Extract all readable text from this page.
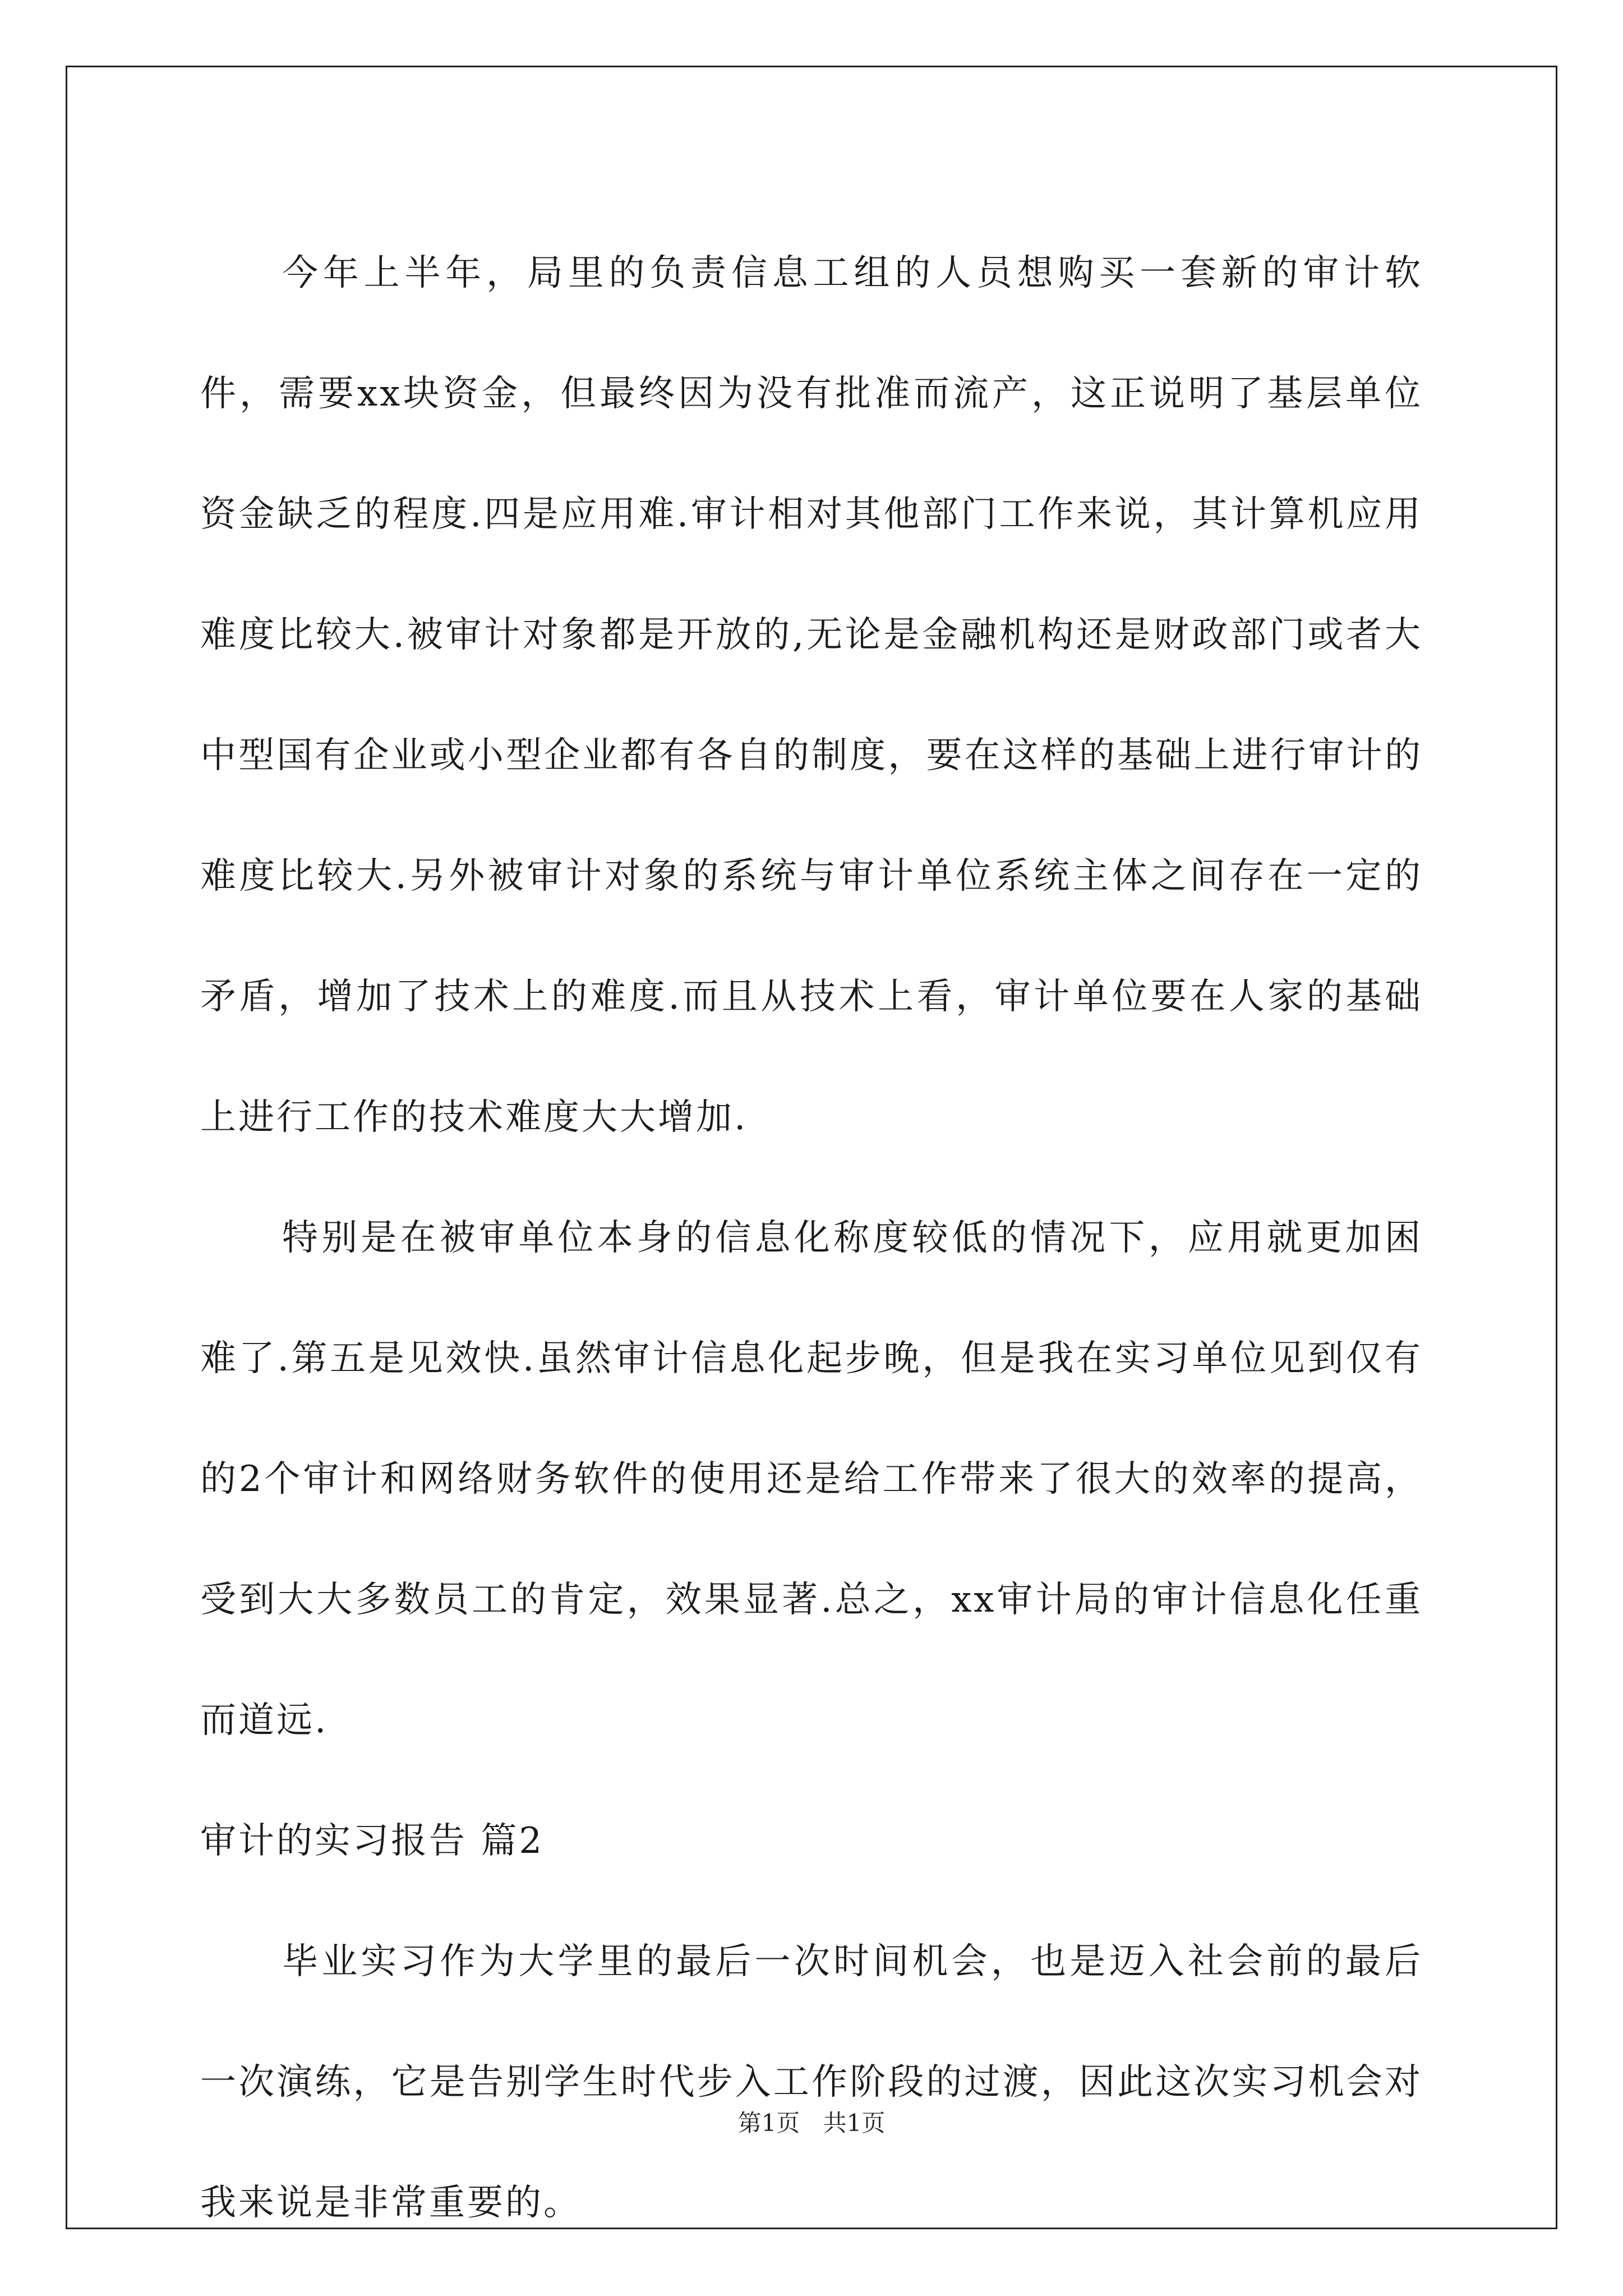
今年上半年，局里的负责信息工组的人员想购买一套新的审计软件，需要xx块资金，但最终因为没有批准而流产，这正说明了基层单位资金缺乏的程度.四是应用难.审计相对其他部门工作来说，其计算机应用难度比较大.被审计对象都是开放的,无论是金融机构还是财政部门或者大中型国有企业或小型企业都有各自的制度，要在这样的基础上进行审计的难度比较大.另外被审计对象的系统与审计单位系统主体之间存在一定的矛盾，增加了技术上的难度.而且从技术上看，审计单位要在人家的基础上进行工作的技术难度大大增加.

特别是在被审单位本身的信息化称度较低的情况下，应用就更加困难了.第五是见效快.虽然审计信息化起步晚，但是我在实习单位见到仅有的2个审计和网络财务软件的使用还是给工作带来了很大的效率的提高，受到大大多数员工的肯定，效果显著.总之，xx审计局的审计信息化任重而道远.

审计的实习报告 篇2

毕业实习作为大学里的最后一次时间机会，也是迈入社会前的最后一次演练，它是告别学生时代步入工作阶段的过渡，因此这次实习机会对我来说是非常重要的。

第1页 共1页
